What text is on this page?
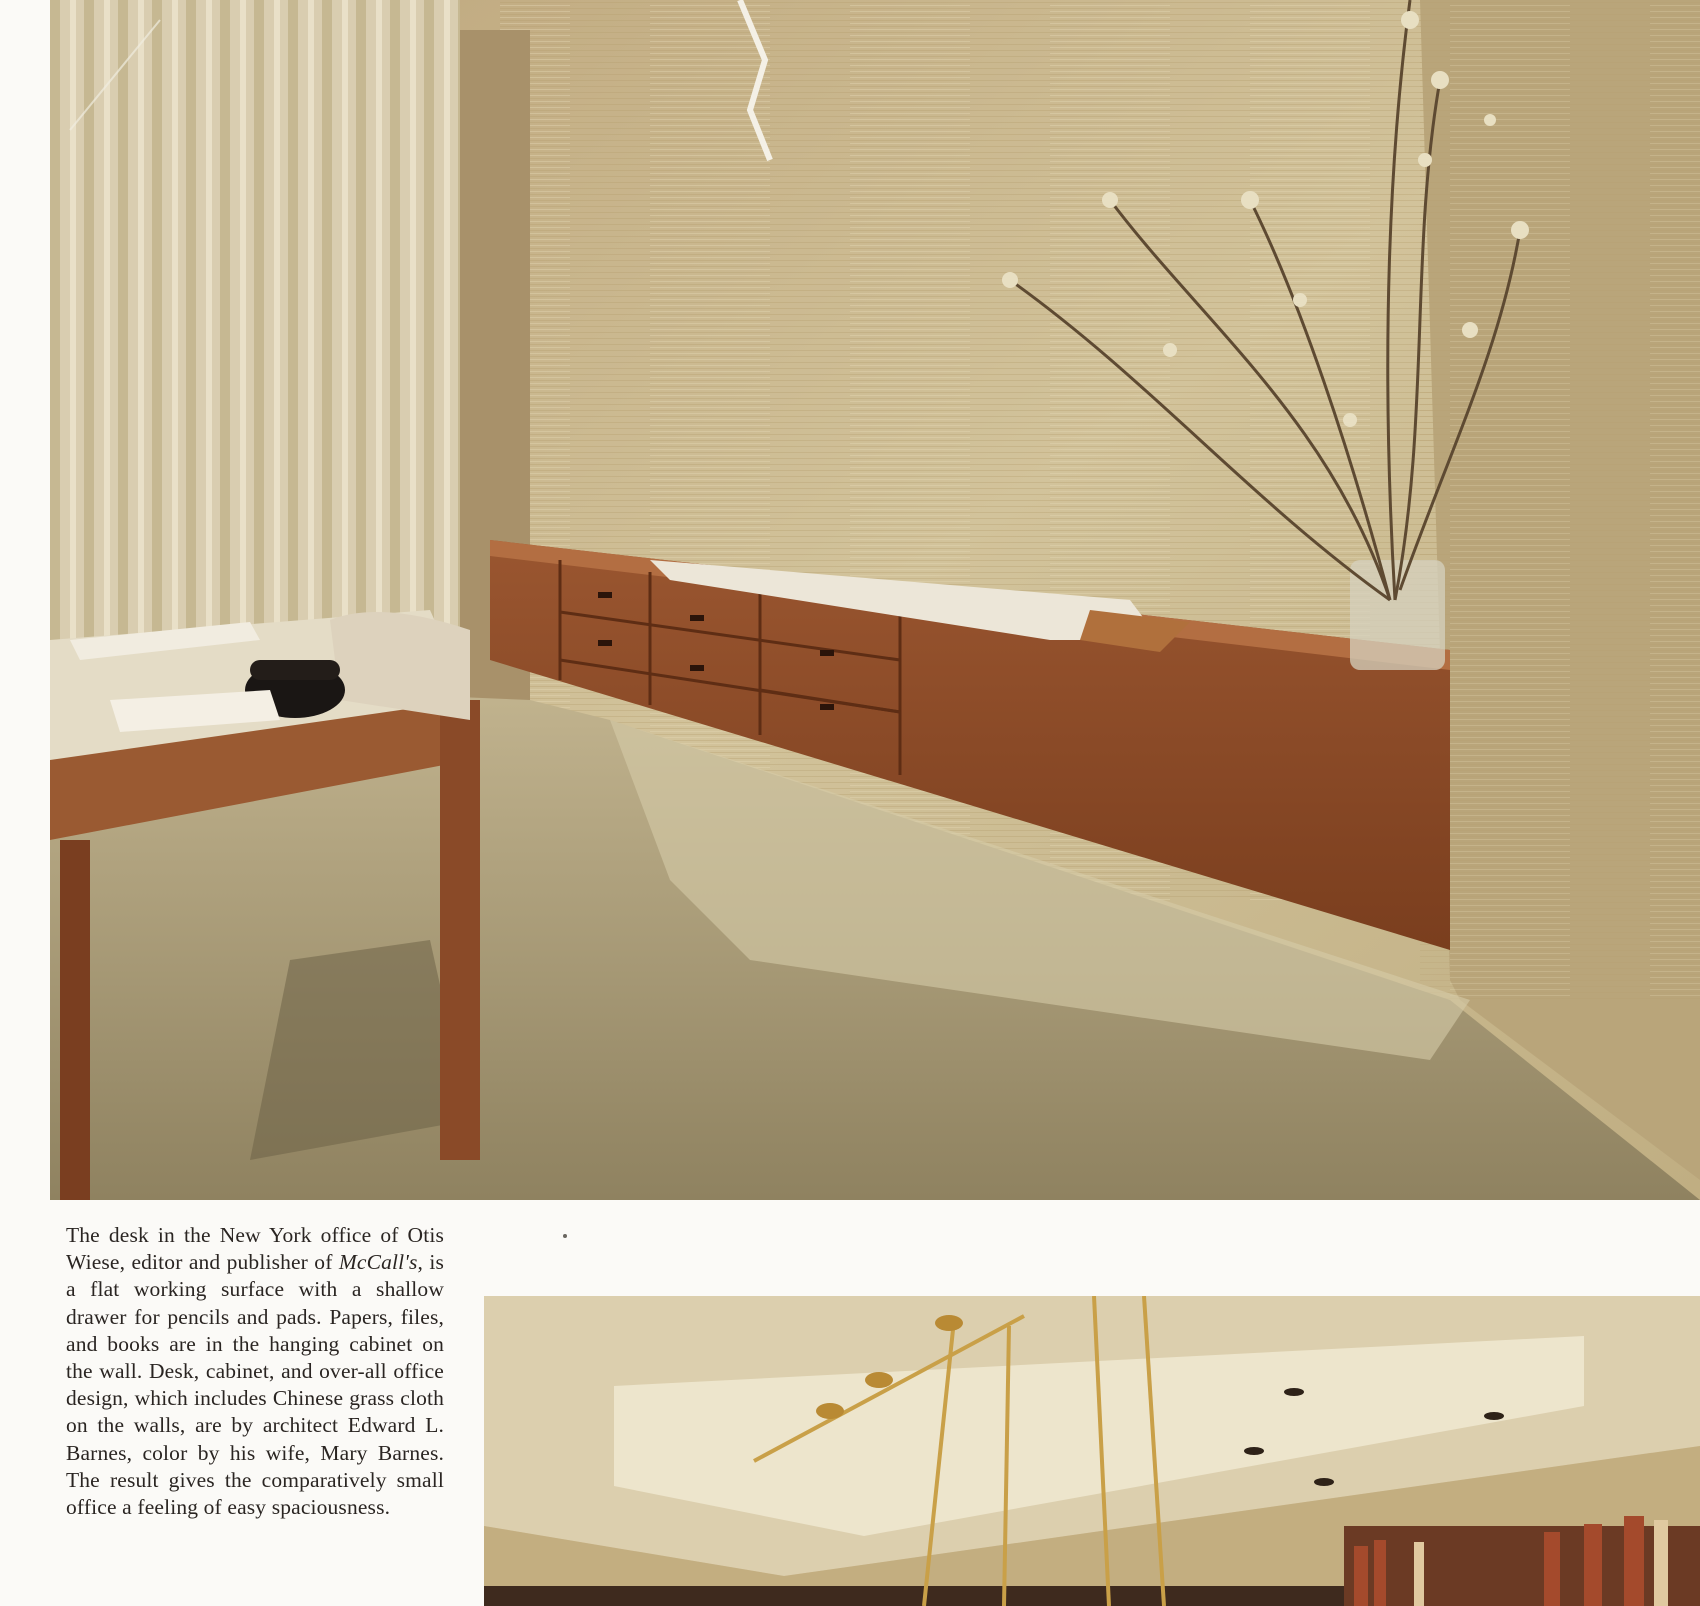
The desk in the New York office of Otis Wiese, editor and publisher of McCall's, is a flat working surface with a shallow drawer for pencils and pads. Papers, files, and books are in the hanging cabinet on the wall. Desk, cabinet, and over-all office design, which includes Chinese grass cloth on the walls, are by architect Edward L. Barnes, color by his wife, Mary Barnes. The result gives the comparatively small office a feeling of easy spaciousness.
